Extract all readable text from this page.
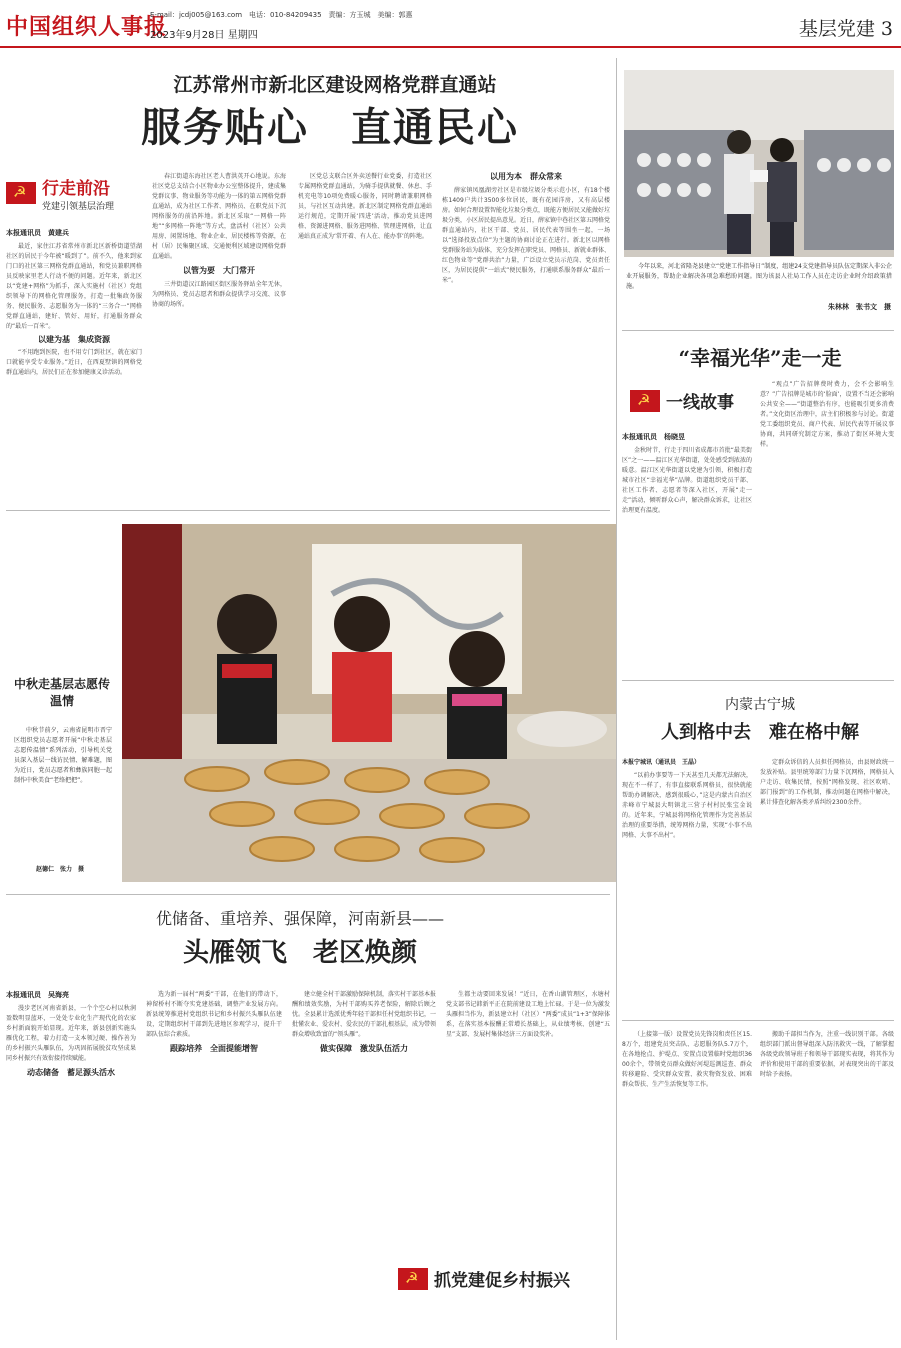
中国组织人事报
E-mail：jcdj005@163.com　电话：010-84209435　责编：方玉城　美编：郭惠
2023年9月28日 星期四	基层党建 3
江苏常州市新北区建设网格党群直通站
服务贴心　直通民心
☭
行走前沿
党建引领基层治理
本报通讯员　黄建兵

最近，家住江苏省常州市新北区新桥街道望湖社区的居民于今年被“暖到了”。前不久，他来到家门口的社区第三网格党群直通站，和党员兼职网格员反映家里老人行动不便的问题。近年来，新北区以“党建+网格”为抓手，深入实施村（社区）党组织领导下的网格化管理服务，打造一批集政务服务、便民服务、志愿服务为一体的“三务合一”网格党群直通站，建好、管好、用好，打通服务群众的“最后一百米”。

以建为基　集成资源

“不用跑到医院，也不用专门到社区，就在家门口就能享受专业服务。”近日，在西夏墅镇的网格党群直通站内，居民们正在参加健康义诊活动。

春江街道东海社区老人曹洪英开心地说。东海社区党总支结合小区物业办公室整体提升，建成集党群议事、物业服务等功能为一体的第五网格党群直通站，成为社区工作者、网格员、在职党员下沉网格服务的前沿阵地。新北区采取“一网格一阵地”“多网格一阵地”等方式，盘活村（社区）公共用房、闲置场地、物业企业、居民楼栋等资源，在村（居）民集聚区域、交通便利区域建设网格党群直通站。

以管为要　大门常开

三井街道汉江路园区街区服务驿站全年无休，为网格员、党员志愿者和群众提供学习交流、议事协商的场所。

区党总支联合区外卖送餐行业党委，打造社区专属网格党群直通站，为骑手提供就餐、休息、手机充电等10项免费暖心服务，同时聘请兼职网格员，与社区互动共建。新北区制定网格党群直通站运行规范，定期开展‘四进’活动，推动党员进网格、资源进网格、服务进网格、管理进网格，让直通站真正成为‘常开着、有人在、能办事’的阵地。

以用为本　群众常来

薛家镇凤凰湖旁社区是市级垃圾分类示范小区，有18个楼栋1409户共计3500多位居民，既有花园洋房，又有高层楼房。如何合理设置智能化垃圾分类点，既能方便居民又能做好垃圾分类，小区居民提出意见。近日，薛家镇中巷社区第五网格党群直通站内，社区干部、党员、居民代表等围坐一起，一场以“选择投放点位”为主题的协商讨论正在进行。新北区以网格党群服务站为载体，充分发挥在职党员、网格员、新就业群体、红色物业等“党群共治”力量，广泛设立党员示范岗、党员责任区，为居民提供“一站式”便民服务，打通联系服务群众“最后一米”。

今年以来，河北省隆尧县建立“党建工作指导日”制度，组建24支党建指导员队伍定期深入非公企业开展服务，帮助企业解决各项急难愁盼问题。图为该县人社局工作人员在走访企业时介绍政策措施。
朱林林　张书文　摄
“幸福光华”走一走
☭
一线故事
本报通讯员　杨晓昱

金秋时节，行走于四川省成都市首批“最美街区”之一——温江区光华街道，处处感受到浓浓的暖意。温江区光华街道以党建为引领，积极打造城市社区“幸福光华”品牌。街道组织党员干部、社区工作者、志愿者等深入社区，开展“走一走”活动，倾听群众心声，解决群众诉求，让社区治理更有温度。

“观点”广告招牌费时费力，会不会影响生意？”广告招牌是城市的‘脸面’，设置不当还会影响公共安全——”街道整治有序，也能吸引更多消费者。”文化街区治理中，店主们积极参与讨论。街道党工委组织党员、商户代表、居民代表等开展议事协商，共同研究制定方案，推动了街区环境大变样。

中秋走基层志愿传温情
中秋节前夕，云南省昆明市晋宁区组织党员志愿者开展“中秋走基层　志愿传温情”系列活动，引导机关党员深入基层一线访民情、解难题，图为近日，党员志愿者和彝族同胞一起制作中秋美食“老络把把”。
赵德仁　张力　摄
内蒙古宁城
人到格中去　难在格中解
本报宁城讯（通讯员　王晶）

“以前办事要等一下天甚至几天都无法解决，现在不一样了，有事直接联系网格员，很快就能帮助办调解决，感到很暖心，”这是内蒙古自治区赤峰市宁城县大明镇北三营子村村民张宝金说的。近年来，宁城县将网格化管理作为完善基层治理的重要举措，统筹网格力量，实现“小事不出网格、大事不出村”。

定群众诉信的人员担任网格员，由县财政统一发放补贴。县里统筹部门力量下沉网格，网格员入户走访、收集民情，按照“网格发现、社区吹哨、部门报到”的工作机制，推动问题在网格中解决，累计排查化解各类矛盾纠纷2300余件。

优储备、重培养、强保障，河南新县——
头雁领飞　老区焕颜
本报通讯员　吴海亮

漫步老区河南省新县，一个个空心村以秋润盈数明显蓝环，一处处专业化生产现代化的农家乡村新面貌开始显现。近年来，新县创新实施头雁优化工程，着力打造一支本领过硬、操作善为的乡村振兴头雁队伍，为巩固拓展脱贫攻坚成果同乡村振兴有效衔接持续赋能。

动态储备　蓄足源头活水

选为新一届村“两委”干部，在他们的带动下，神留桥村不断夺实党建基础，调整产业发展方向。新县统筹推进村党组织书记和乡村振兴头雁队伍建设，定期组织村干部到先进地区参观学习，提升干部队伍综合素质。

跟踪培养　全面提能增智

建立健全村干部激励保障机制，落实村干部基本报酬和绩效奖励，为村干部购买养老保险，解除后顾之忧。全县累计选派优秀年轻干部担任村党组织书记，一批懂农业、爱农村、爱农民的干部扎根基层，成为带领群众增收致富的“领头雁”。

做实保障　激发队伍活力

生都主动要回来发展！”近日，在香山湖管理区，水塘村党支部书记韩新平正在院前建设工地上忙碌。于是一位为激发头雁担当作为，新县建立村（社区）“两委”成员“1+3”保障体系，在落实基本报酬正常增长基础上，从业绩考核、创建“五星”支部、发展村集体经济三方面设奖补。	（上接第一版）设置党员先锋岗和责任区15.8万个，组建党员突击队、志愿服务队5.7万个，在各地抢点、护堤点、安置点设置临时党组织3600余个，带领党员群众做好河堤巡测巡查、群众转移避险、受灾群众安置、救灾物资发放、困难群众帮扶、生产生活恢复等工作。

搬助千部担当作为，注重一线识别干部。各级组织部门派出督导组深入防汛救灾一线，了解掌握各级党政领导班子和领导干部现实表现，将其作为评价和使用干部的重要依据，对表现突出的干部及时给予表扬。

☭
抓党建促乡村振兴
